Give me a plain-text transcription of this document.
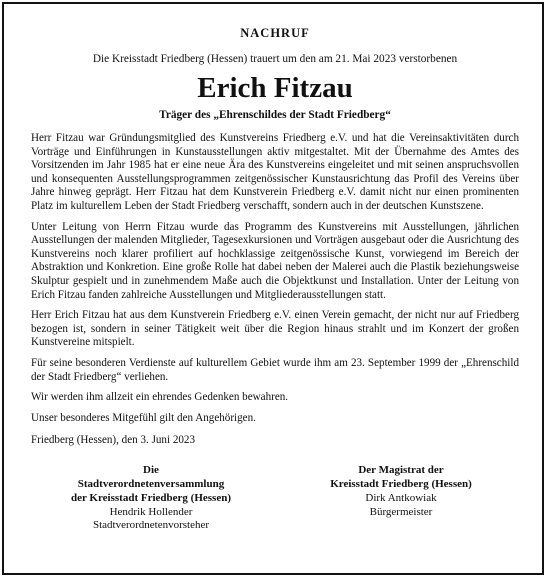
NACHRUF
Die Kreisstadt Friedberg (Hessen) trauert um den am 21. Mai 2023 verstorbenen
Erich Fitzau
Träger des „Ehrenschildes der Stadt Friedberg“

Herr Fitzau war Gründungsmitglied des Kunstvereins Friedberg e.V. und hat die Vereinsaktivitäten durch Vorträge und Einführungen in Kunstausstellungen aktiv mitgestaltet. Mit der Übernahme des Amtes des Vorsitzenden im Jahr 1985 hat er eine neue Ära des Kunstvereins eingeleitet und mit seinen anspruchsvollen und konsequenten Ausstellungsprogrammen zeitgenössischer Kunstausrichtung das Profil des Vereins über Jahre hinweg geprägt. Herr Fitzau hat dem Kunstverein Friedberg e.V. damit nicht nur einen prominenten Platz im kulturellem Leben der Stadt Friedberg verschafft, sondern auch in der deutschen Kunstszene.

Unter Leitung von Herrn Fitzau wurde das Programm des Kunstvereins mit Ausstellungen, jährlichen Ausstellungen der malenden Mitglieder, Tagesexkursionen und Vorträgen ausgebaut oder die Ausrichtung des Kunstvereins noch klarer profiliert auf hochklassige zeitgenössische Kunst, vorwiegend im Bereich der Abstraktion und Konkretion. Eine große Rolle hat dabei neben der Malerei auch die Plastik beziehungsweise Skulptur gespielt und in zunehmendem Maße auch die Objektkunst und Installation. Unter der Leitung von Erich Fitzau fanden zahlreiche Ausstellungen und Mitgliederausstellungen statt.

Herr Erich Fitzau hat aus dem Kunstverein Friedberg e.V. einen Verein gemacht, der nicht nur auf Friedberg bezogen ist, sondern in seiner Tätigkeit weit über die Region hinaus strahlt und im Konzert der großen Kunstvereine mitspielt.

Für seine besonderen Verdienste auf kulturellem Gebiet wurde ihm am 23. September 1999 der „Ehrenschild der Stadt Friedberg“ verliehen.

Wir werden ihm allzeit ein ehrendes Gedenken bewahren.

Unser besonderes Mitgefühl gilt den Angehörigen.

Friedberg (Hessen), den 3. Juni 2023
Die
Stadtverordnetenversammlung
der Kreisstadt Friedberg (Hessen)
Hendrik Hollender
Stadtverordnetenvorsteher
Der Magistrat der
Kreisstadt Friedberg (Hessen)
Dirk Antkowiak
Bürgermeister
